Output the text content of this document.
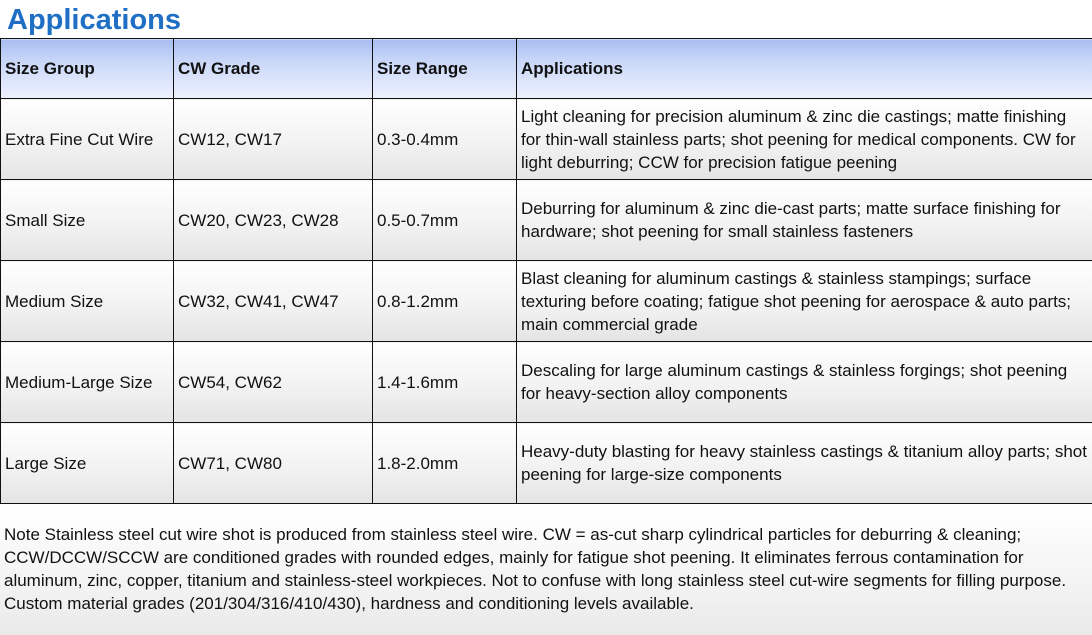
Applications
Size Group	CW Grade	Size Range	Applications
Extra Fine Cut Wire	CW12, CW17	0.3-0.4mm	Light cleaning for precision aluminum & zinc die castings; matte finishing for thin-wall stainless parts; shot peening for medical components. CW for light deburring; CCW for precision fatigue peening
Small Size	CW20, CW23, CW28	0.5-0.7mm	Deburring for aluminum & zinc die-cast parts; matte surface finishing for hardware; shot peening for small stainless fasteners
Medium Size	CW32, CW41, CW47	0.8-1.2mm	Blast cleaning for aluminum castings & stainless stampings; surface texturing before coating; fatigue shot peening for aerospace & auto parts; main commercial grade
Medium-Large Size	CW54, CW62	1.4-1.6mm	Descaling for large aluminum castings & stainless forgings; shot peening for heavy-section alloy components
Large Size	CW71, CW80	1.8-2.0mm	Heavy-duty blasting for heavy stainless castings & titanium alloy parts; shot peening for large-size components
Note Stainless steel cut wire shot is produced from stainless steel wire. CW = as-cut sharp cylindrical particles for deburring & cleaning; CCW/DCCW/SCCW are conditioned grades with rounded edges, mainly for fatigue shot peening. It eliminates ferrous contamination for aluminum, zinc, copper, titanium and stainless-steel workpieces. Not to confuse with long stainless steel cut-wire segments for filling purpose. Custom material grades (201/304/316/410/430), hardness and conditioning levels available.
